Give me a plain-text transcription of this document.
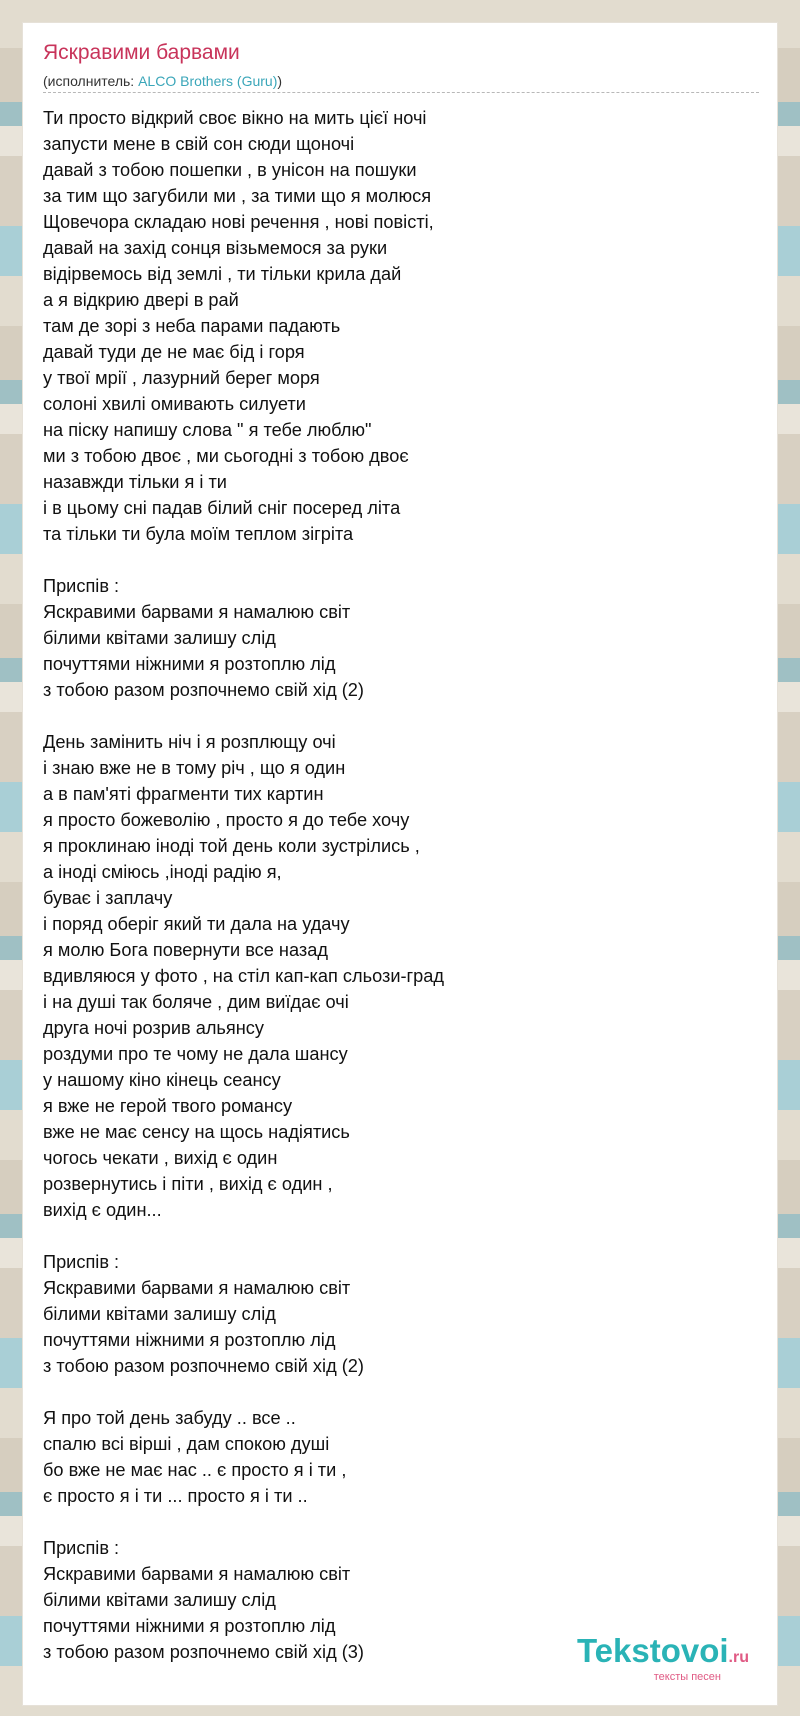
Яскравими барвами
(исполнитель: ALCO Brothers (Guru))
Ти просто відкрий своє вікно на мить цієї ночі
запусти мене в свій сон сюди щоночі
давай з тобою пошепки , в унісон на пошуки
за тим що загубили ми , за тими що я молюся
Щовечора складаю нові речення , нові повісті,
давай на захід сонця візьмемося за руки
відірвемось від землі , ти тільки крила дай
а я відкрию двері в рай
там де зорі з неба парами падають
давай туди де не має бід і горя
у твої мрії , лазурний берег моря
солоні хвилі омивають силуети
на піску напишу слова " я тебе люблю"
ми з тобою двоє , ми сьогодні з тобою двоє
назавжди тільки я і ти
і в цьому сні падав білий сніг посеред літа
та тільки ти була моїм теплом зігріта
Приспів :
Яскравими барвами я намалюю світ
білими квітами залишу слід
почуттями ніжними я розтоплю лід
з тобою разом розпочнемо свій хід (2)
День замінить ніч і я розплющу очі
і знаю вже не в тому річ , що я один
а в пам'яті фрагменти тих картин
я просто божеволію , просто я до тебе хочу
я проклинаю іноді той день коли зустрілись ,
а іноді сміюсь ,іноді радію я,
буває і заплачу
і поряд оберіг який ти дала на удачу
я молю Бога повернути все назад
вдивляюся у фото , на стіл кап-кап сльози-град
і на душі так боляче , дим виїдає очі
друга ночі розрив альянсу
роздуми про те чому не дала шансу
у нашому кіно кінець сеансу
я вже не герой твого романсу
вже не має сенсу на щось надіятись
чогось чекати , вихід є один
розвернутись і піти , вихід є один ,
вихід є один...
Приспів :
Яскравими барвами я намалюю світ
білими квітами залишу слід
почуттями ніжними я розтоплю лід
з тобою разом розпочнемо свій хід (2)
Я про той день забуду .. все ..
спалю всі вірші , дам спокою душі
бо вже не має нас .. є просто я і ти ,
є просто я і ти ... просто я і ти ..
Приспів :
Яскравими барвами я намалюю світ
білими квітами залишу слід
почуттями ніжними я розтоплю лід
з тобою разом розпочнемо свій хід (3)	Tekstovoi.ru
тексты песен
